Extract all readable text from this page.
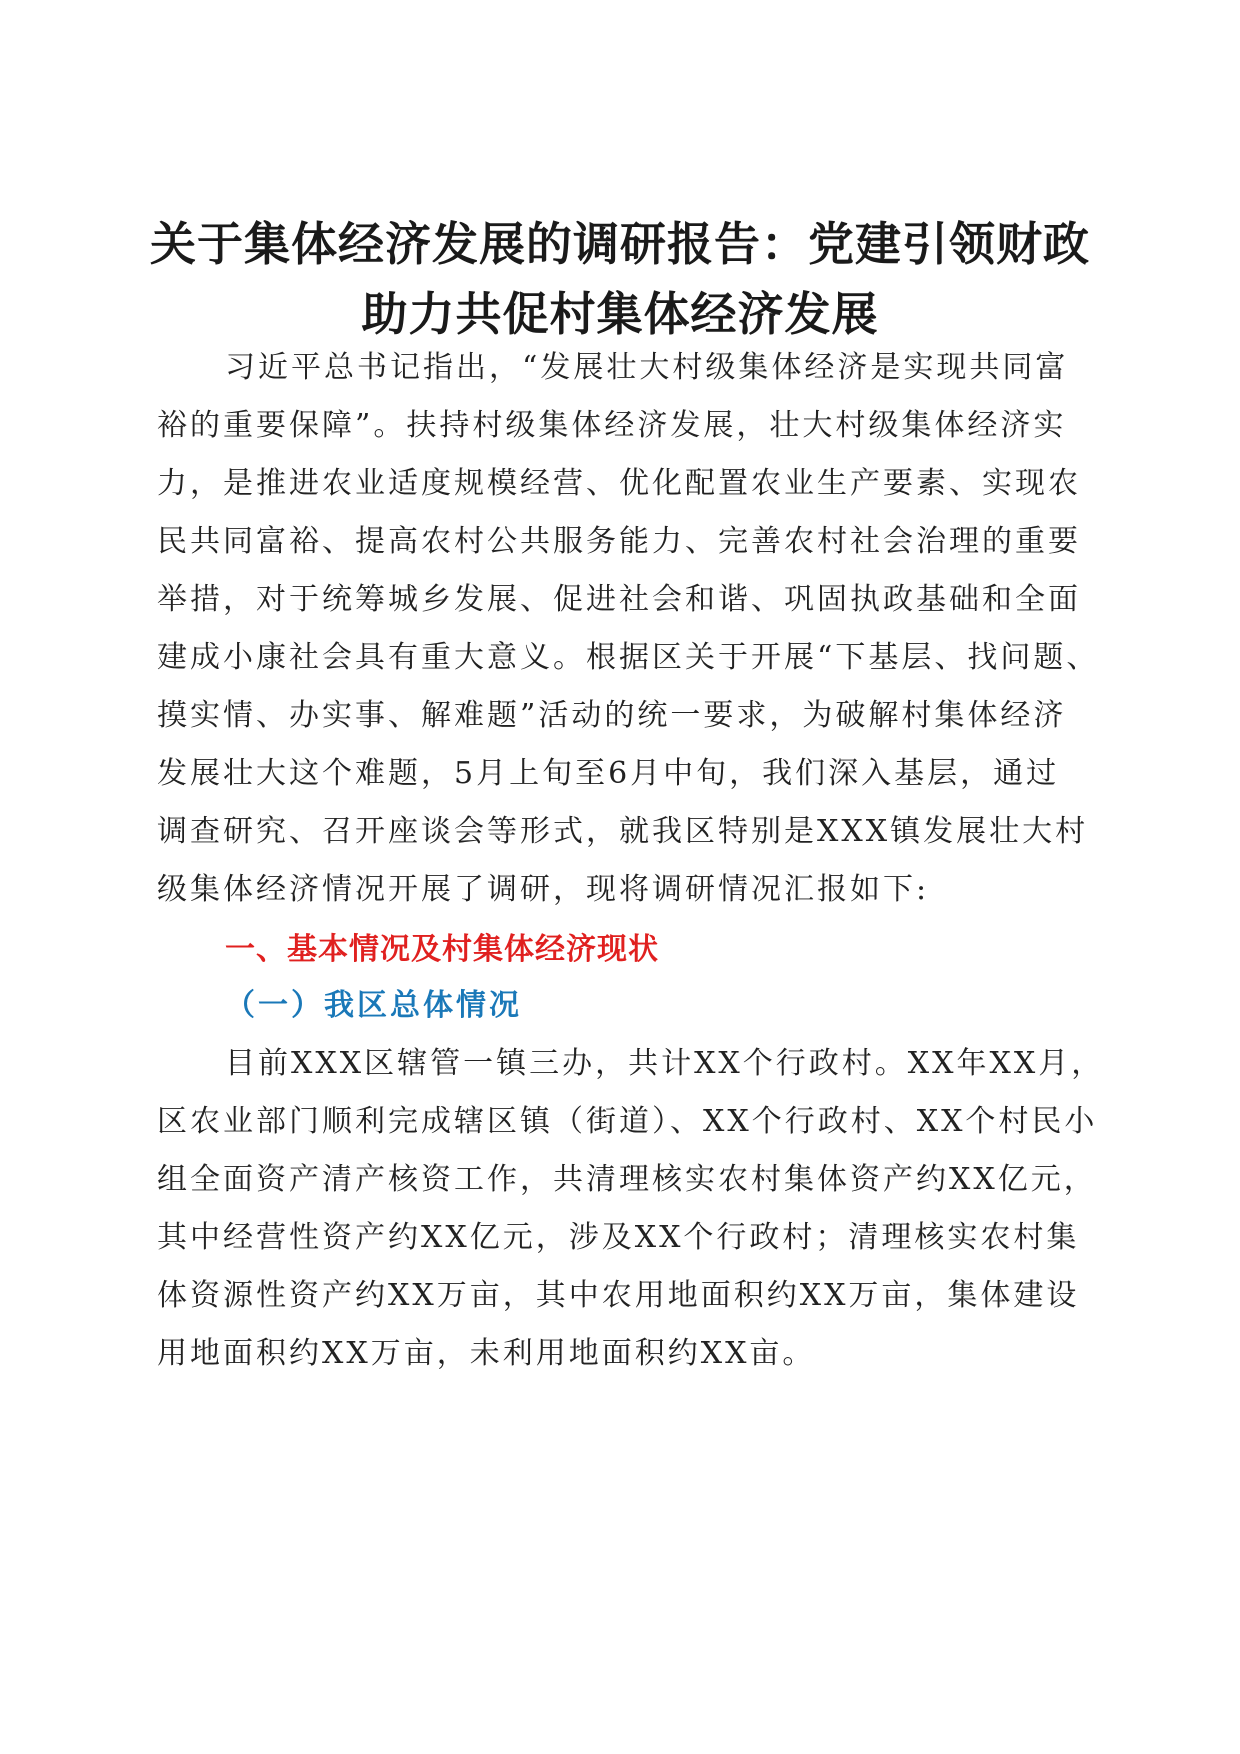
关于集体经济发展的调研报告：党建引领财政
助力共促村集体经济发展

习近平总书记指出，“发展壮大村级集体经济是实现共同富

裕的重要保障”。扶持村级集体经济发展，壮大村级集体经济实

力，是推进农业适度规模经营、优化配置农业生产要素、实现农

民共同富裕、提高农村公共服务能力、完善农村社会治理的重要

举措，对于统筹城乡发展、促进社会和谐、巩固执政基础和全面

建成小康社会具有重大意义。根据区关于开展“下基层、找问题、

摸实情、办实事、解难题”活动的统一要求，为破解村集体经济

发展壮大这个难题，5月上旬至6月中旬，我们深入基层，通过

调查研究、召开座谈会等形式，就我区特别是XXX镇发展壮大村

级集体经济情况开展了调研，现将调研情况汇报如下:

一、基本情况及村集体经济现状
（一）我区总体情况

目前XXX区辖管一镇三办，共计XX个行政村。XX年XX月，

区农业部门顺利完成辖区镇（街道）、XX个行政村、XX个村民小

组全面资产清产核资工作，共清理核实农村集体资产约XX亿元，

其中经营性资产约XX亿元，涉及XX个行政村；清理核实农村集

体资源性资产约XX万亩，其中农用地面积约XX万亩，集体建设

用地面积约XX万亩，未利用地面积约XX亩。
